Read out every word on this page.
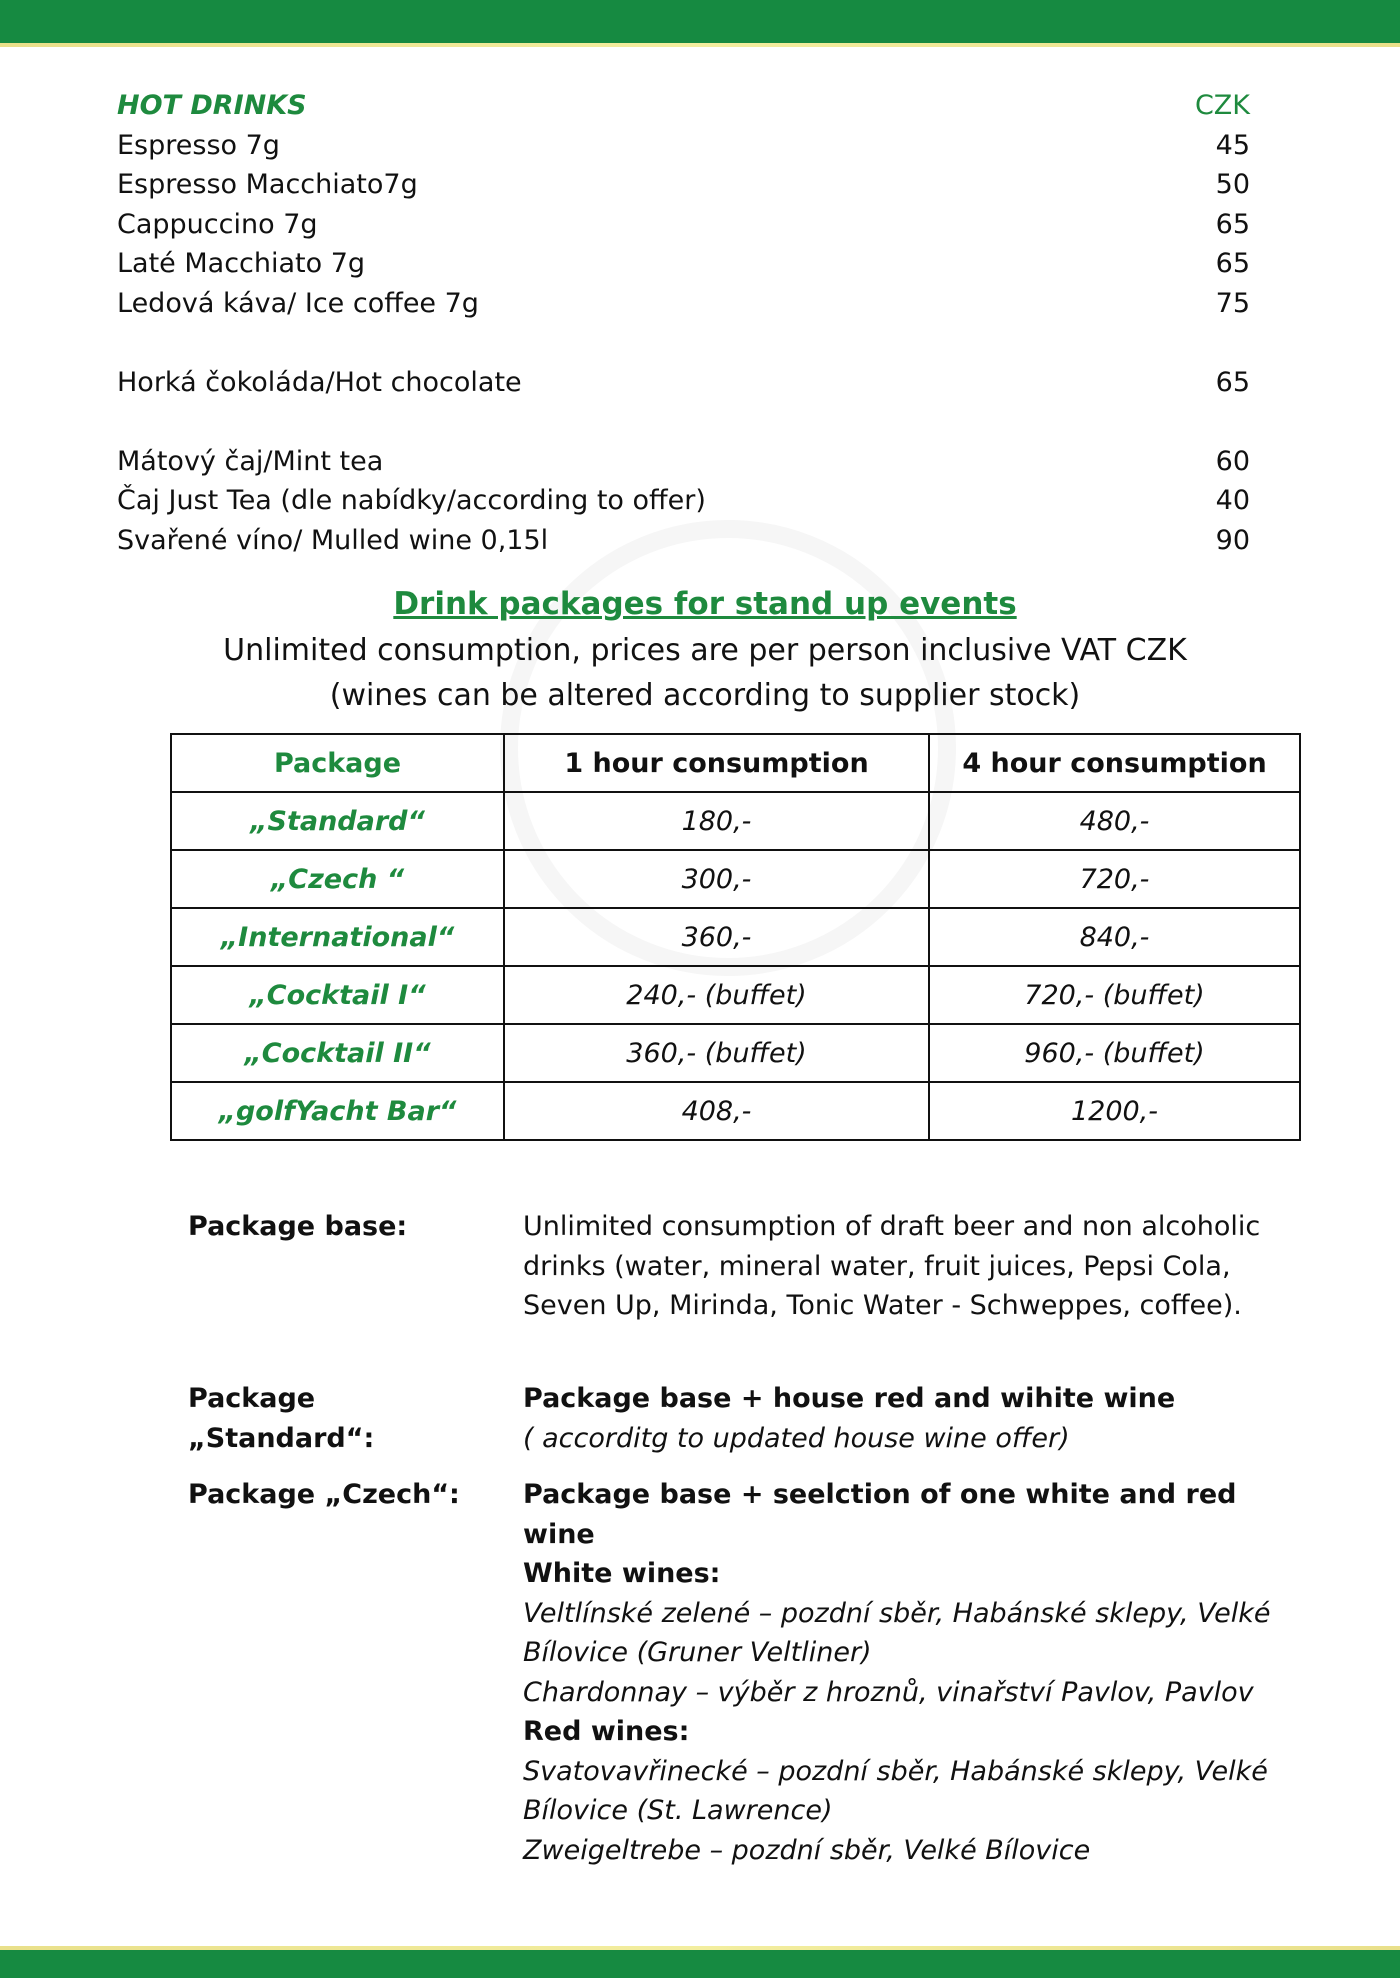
HOT DRINKS	CZK
Espresso 7g	45
Espresso Macchiato7g	50
Cappuccino 7g	65
Laté Macchiato 7g	65
Ledová káva/ Ice coffee 7g	75
Horká čokoláda/Hot chocolate	65
Mátový čaj/Mint tea	60
Čaj Just Tea (dle nabídky/according to offer)	40
Svařené víno/ Mulled wine 0,15l	90
Drink packages for stand up events
Unlimited consumption, prices are per person inclusive VAT CZK
(wines can be altered according to supplier stock)
Package	1 hour consumption	4 hour consumption
„Standard“	180,-	480,-
„Czech “	300,-	720,-
„International“	360,-	840,-
„Cocktail I“	240,- (buffet)	720,- (buffet)
„Cocktail II“	360,- (buffet)	960,- (buffet)
„golfYacht Bar“	408,-	1200,-
Package base:	Unlimited consumption of draft beer and non alcoholic
drinks (water, mineral water, fruit juices, Pepsi Cola,
Seven Up, Mirinda, Tonic Water - Schweppes, coffee).
Package „Standard“:
Package base + house red and wihite wine
( accorditg to updated house wine offer)
Package „Czech“:	Package base + seelction of one white and red wine
White wines:
Veltlínské zelené – pozdní sběr, Habánské sklepy, Velké
Bílovice (Gruner Veltliner)
Chardonnay – výběr z hroznů, vinařství Pavlov, Pavlov
Red wines:
Svatovavřinecké – pozdní sběr, Habánské sklepy, Velké
Bílovice (St. Lawrence)
Zweigeltrebe – pozdní sběr, Velké Bílovice
